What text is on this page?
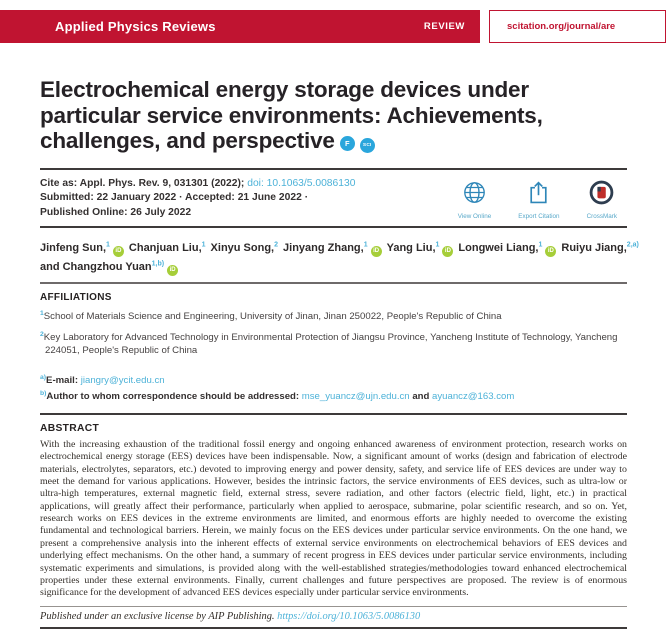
Applied Physics Reviews	REVIEW	scitation.org/journal/are
Electrochemical energy storage devices under
particular service environments: Achievements,
challenges, and perspective F	SCI
Cite as: Appl. Phys. Rev. 9, 031301 (2022); doi: 10.1063/5.0086130
Submitted: 22 January 2022 · Accepted: 21 June 2022 ·
Published Online: 26 July 2022	View Online	Export Citation	CrossMark
Jinfeng Sun,$^1$iD Chanjuan Liu,$^1$ Xinyu Song,$^2$ Jinyang Zhang,$^1$iD Yang Liu,$^1$iD Longwei Liang,$^1$iD Ruiyu Jiang,$^{2,a)}$
and Changzhou Yuan$^{1,b)}$iD
AFFILIATIONS
$^1$School of Materials Science and Engineering, University of Jinan, Jinan 250022, People's Republic of China
$^2$Key Laboratory for Advanced Technology in Environmental Protection of Jiangsu Province, Yancheng Institute of Technology, Yancheng 224051, People's Republic of China
$^{a)}$E-mail: jiangry@ycit.edu.cn
$^{b)}$Author to whom correspondence should be addressed: mse_yuancz@ujn.edu.cn and ayuancz@163.com
ABSTRACT

With the increasing exhaustion of the traditional fossil energy and ongoing enhanced awareness of environment protection, research works on electrochemical energy storage (EES) devices have been indispensable. Now, a significant amount of works (design and fabrication of electrode materials, electrolytes, separators, etc.) devoted to improving energy and power density, safety, and service life of EES devices are under way to meet the demand for various applications. However, besides the intrinsic factors, the service environments of EES devices, such as ultra-low or ultra-high temperatures, external magnetic field, external stress, severe radiation, and other factors (electric field, light, etc.) in practical applications, will greatly affect their performance, particularly when applied to aerospace, submarine, polar scientific research, and so on. Yet, research works on EES devices in the extreme environments are limited, and enormous efforts are highly needed to overcome the existing fundamental and technological barriers. Herein, we mainly focus on the EES devices under particular service environments. On the one hand, we present a comprehensive analysis into the inherent effects of external service environments on electrochemical behaviors of EES devices and underlying effect mechanisms. On the other hand, a summary of recent progress in EES devices under particular service environments, including systematic experiments and simulations, is provided along with the well-established strategies/methodologies toward enhanced electrochemical properties under these external environments. Finally, current challenges and future perspectives are proposed. The review is of enormous significance for the development of advanced EES devices especially under particular service environments.

Published under an exclusive license by AIP Publishing. https://doi.org/10.1063/5.0086130
